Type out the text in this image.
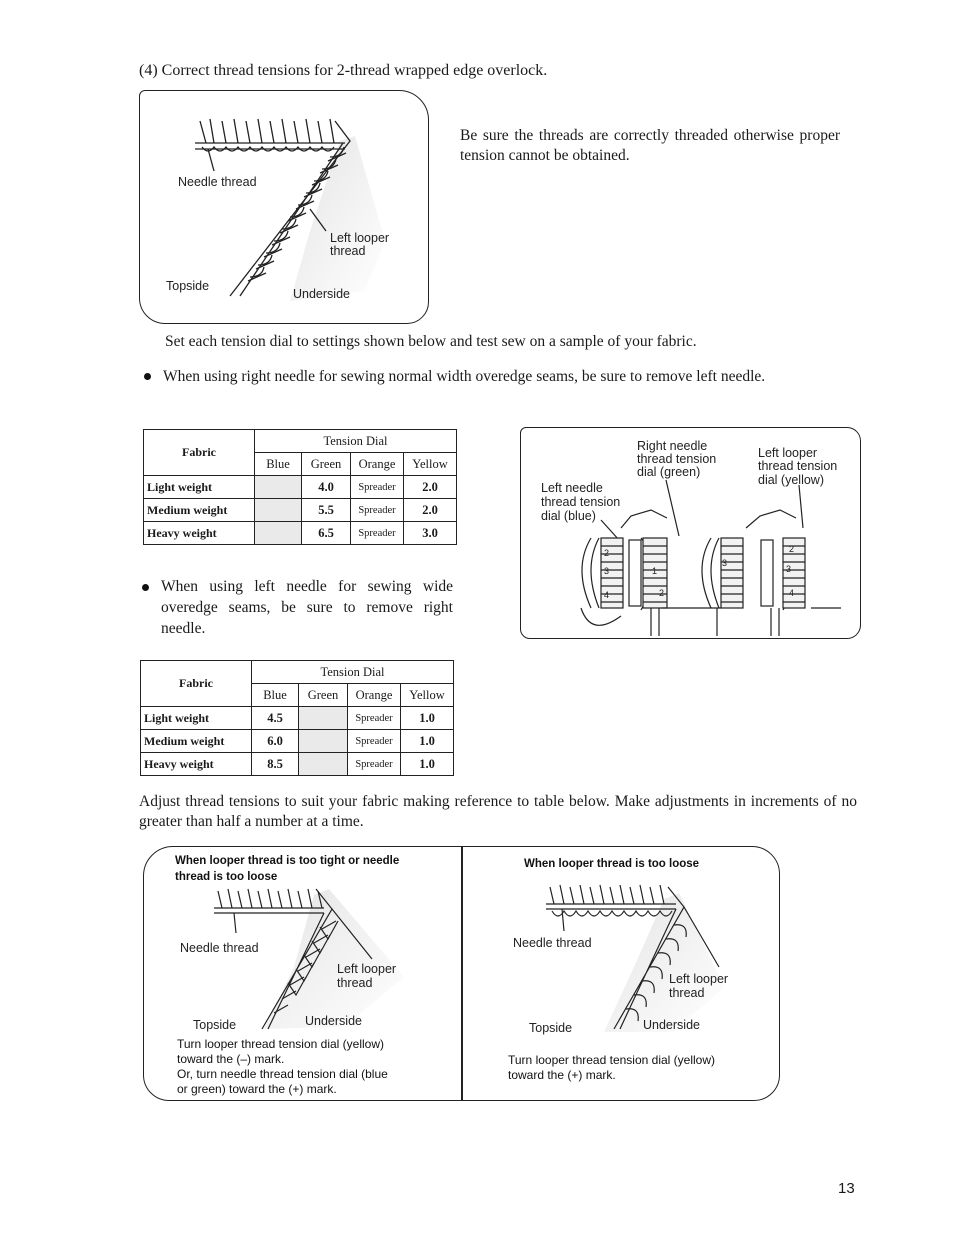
(4) Correct thread tensions for 2-thread wrapped edge overlock.
Needle thread
Left looper
thread
Topside
Underside
Be sure the threads are correctly threaded otherwise proper tension cannot be obtained.
Set each tension dial to settings shown below and test sew on a sample of your fabric.
When using right needle for sewing normal width overedge seams, be sure to remove left needle.
Fabric	Tension Dial			
	Blue	Green	Orange	Yellow
Light weight		4.0	Spreader	2.0
Medium weight		5.5	Spreader	2.0
Heavy weight		6.5	Spreader	3.0
2
3
4
1
2
3
2
3
4
Right needle
thread tension
dial (green)
Left looper
thread tension
dial (yellow)
Left needle
thread tension
dial (blue)
When using left needle for sewing wide overedge seams, be sure to remove right needle.
Fabric	Tension Dial			
	Blue	Green	Orange	Yellow
Light weight	4.5		Spreader	1.0
Medium weight	6.0		Spreader	1.0
Heavy weight	8.5		Spreader	1.0
Adjust thread tensions to suit your fabric making reference to table below. Make adjustments in increments of no greater than half a number at a time.
When looper thread is too tight or needle
thread is too loose
Needle thread
Left looper
thread
Topside	Underside
Turn looper thread tension dial (yellow)
toward the (–) mark.
Or, turn needle thread tension dial (blue
or green) toward the (+) mark.
When looper thread is too loose
Needle thread
Left looper
thread
Topside	Underside
Turn looper thread tension dial (yellow)
toward the (+) mark.
13
